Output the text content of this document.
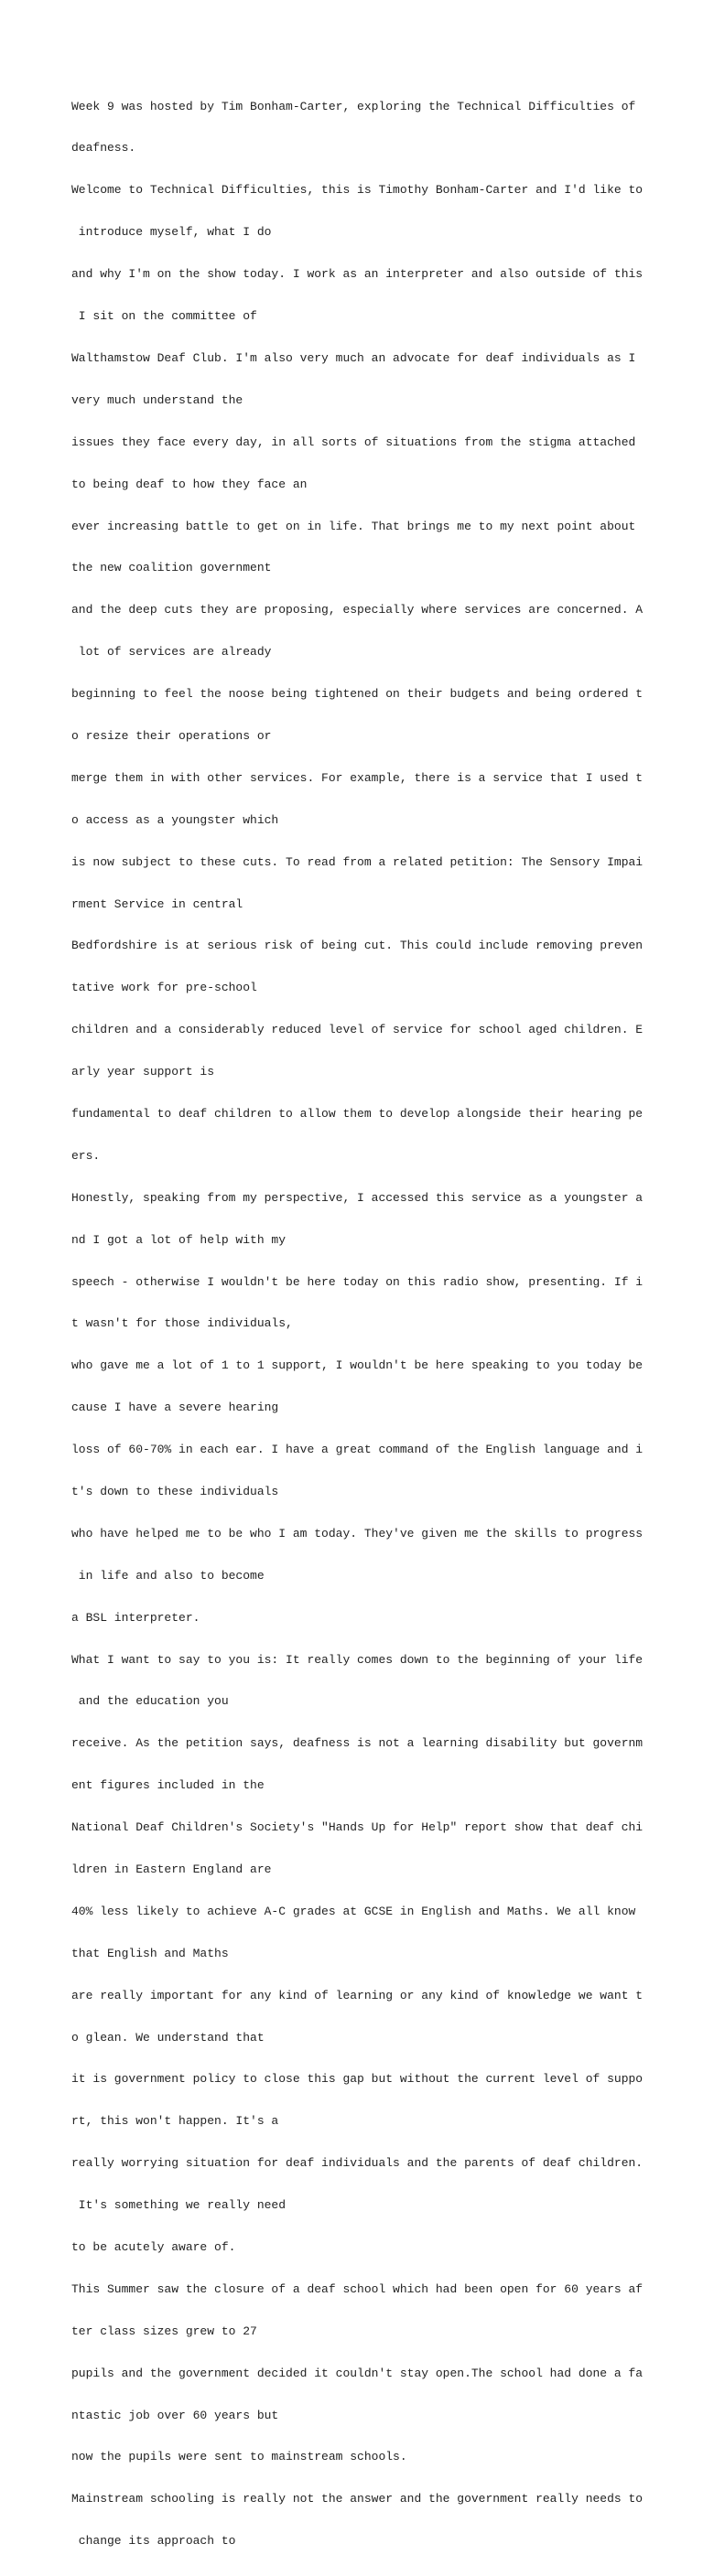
Week 9 was hosted by Tim Bonham-Carter, exploring the Technical Difficulties of

deafness.

Welcome to Technical Difficulties, this is Timothy Bonham-Carter and I'd like to

introduce myself, what I do

and why I'm on the show today. I work as an interpreter and also outside of this

I sit on the committee of

Walthamstow Deaf Club. I'm also very much an advocate for deaf individuals as I

very much understand the

issues they face every day, in all sorts of situations from the stigma attached

to being deaf to how they face an

ever increasing battle to get on in life. That brings me to my next point about

the new coalition government

and the deep cuts they are proposing, especially where services are concerned. A

lot of services are already

beginning to feel the noose being tightened on their budgets and being ordered t

o resize their operations or

merge them in with other services. For example, there is a service that I used t

o access as a youngster which

is now subject to these cuts. To read from a related petition: The Sensory Impai

rment Service in central

Bedfordshire is at serious risk of being cut. This could include removing preven

tative work for pre-school

children and a considerably reduced level of service for school aged children. E

arly year support is

fundamental to deaf children to allow them to develop alongside their hearing pe

ers.

Honestly, speaking from my perspective, I accessed this service as a youngster a

nd I got a lot of help with my

speech - otherwise I wouldn't be here today on this radio show, presenting. If i

t wasn't for those individuals,

who gave me a lot of 1 to 1 support, I wouldn't be here speaking to you today be

cause I have a severe hearing

loss of 60-70% in each ear. I have a great command of the English language and i

t's down to these individuals

who have helped me to be who I am today. They've given me the skills to progress

in life and also to become

a BSL interpreter.

What I want to say to you is: It really comes down to the beginning of your life

and the education you

receive. As the petition says, deafness is not a learning disability but governm

ent figures included in the

National Deaf Children's Society's "Hands Up for Help" report show that deaf chi

ldren in Eastern England are

40% less likely to achieve A-C grades at GCSE in English and Maths. We all know

that English and Maths

are really important for any kind of learning or any kind of knowledge we want t

o glean. We understand that

it is government policy to close this gap but without the current level of suppo

rt, this won't happen. It's a

really worrying situation for deaf individuals and the parents of deaf children.

It's something we really need

to be acutely aware of.

This Summer saw the closure of a deaf school which had been open for 60 years af

ter class sizes grew to 27

pupils and the government decided it couldn't stay open.The school had done a fa

ntastic job over 60 years but

now the pupils were sent to mainstream schools.

Mainstream schooling is really not the answer and the government really needs to

change its approach to
